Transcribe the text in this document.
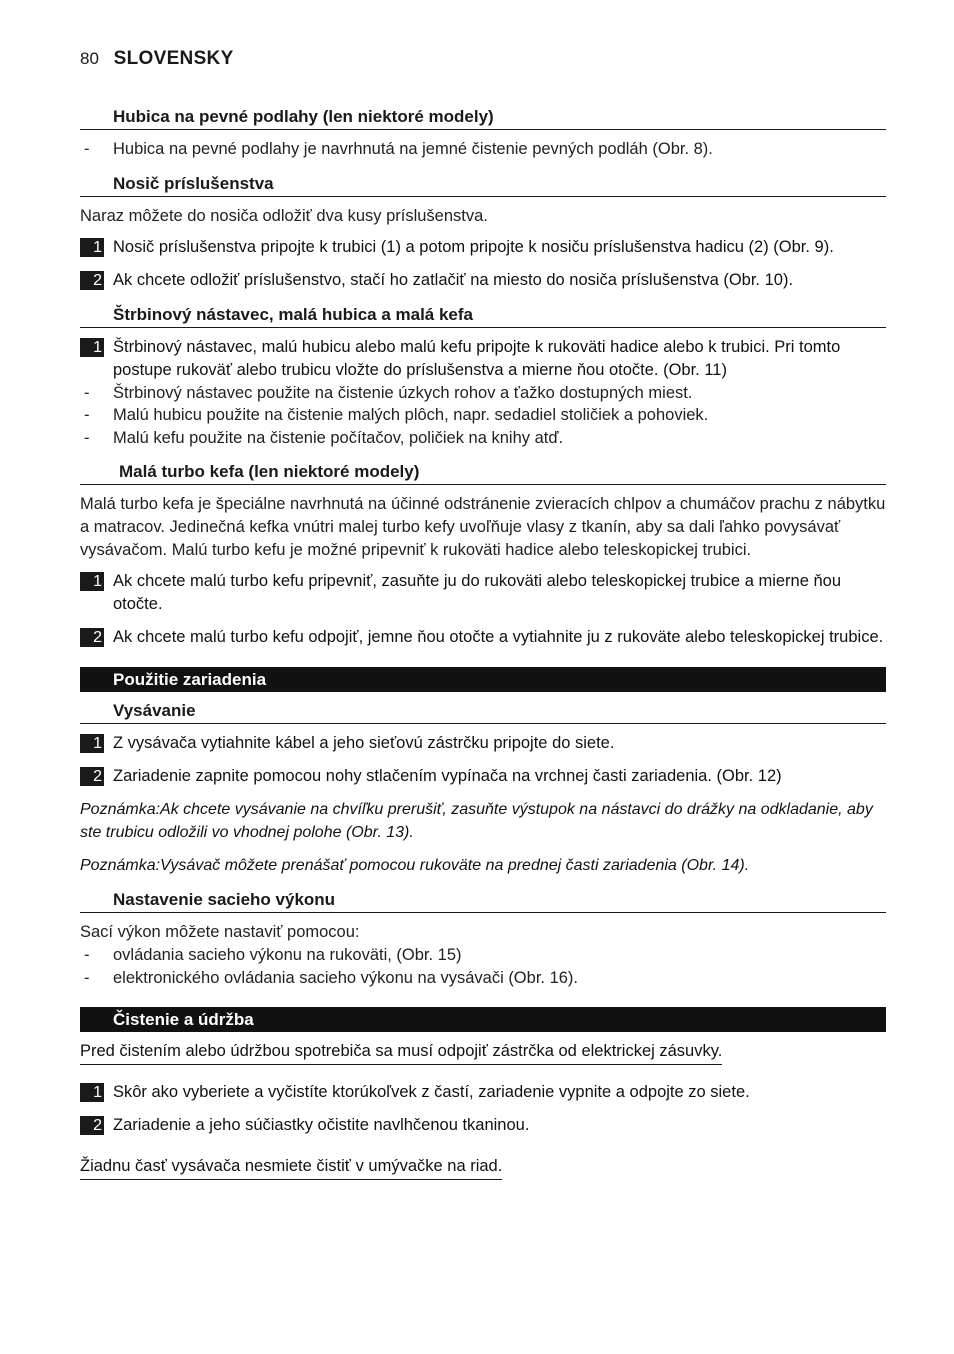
80 SLOVENSKY
Hubica na pevné podlahy (len niektoré modely)
- Hubica na pevné podlahy je navrhnutá na jemné čistenie pevných podláh (Obr. 8).
Nosič príslušenstva
Naraz môžete do nosiča odložiť dva kusy príslušenstva.
1 Nosič príslušenstva pripojte k trubici (1) a potom pripojte k nosiču príslušenstva hadicu (2) (Obr. 9).
2 Ak chcete odložiť príslušenstvo, stačí ho zatlačiť na miesto do nosiča príslušenstva (Obr. 10).
Štrbinový nástavec, malá hubica a malá kefa
1 Štrbinový nástavec, malú hubicu alebo malú kefu pripojte k rukoväti hadice alebo k trubici. Pri tomto postupe rukoväť alebo trubicu vložte do príslušenstva a mierne ňou otočte. (Obr. 11)
- Štrbinový nástavec použite na čistenie úzkych rohov a ťažko dostupných miest.
- Malú hubicu použite na čistenie malých plôch, napr. sedadiel stoličiek a pohoviek.
- Malú kefu použite na čistenie počítačov, poličiek na knihy atď.
Malá turbo kefa (len niektoré modely)
Malá turbo kefa je špeciálne navrhnutá na účinné odstránenie zvieracích chlpov a chumáčov prachu z nábytku a matracov. Jedinečná kefka vnútri malej turbo kefy uvoľňuje vlasy z tkanín, aby sa dali ľahko povysávať vysávačom. Malú turbo kefu je možné pripevniť k rukoväti hadice alebo teleskopickej trubici.
1 Ak chcete malú turbo kefu pripevniť, zasuňte ju do rukoväti alebo teleskopickej trubice a mierne ňou otočte.
2 Ak chcete malú turbo kefu odpojiť, jemne ňou otočte a vytiahnite ju z rukoväte alebo teleskopickej trubice.
Použitie zariadenia
Vysávanie
1 Z vysávača vytiahnite kábel a jeho sieťovú zástrčku pripojte do siete.
2 Zariadenie zapnite pomocou nohy stlačením vypínača na vrchnej časti zariadenia. (Obr. 12)
Poznámka:Ak chcete vysávanie na chvíľku prerušiť, zasuňte výstupok na nástavci do drážky na odkladanie, aby ste trubicu odložili vo vhodnej polohe (Obr. 13).
Poznámka:Vysávač môžete prenášať pomocou rukoväte na prednej časti zariadenia (Obr. 14).
Nastavenie sacieho výkonu
Sací výkon môžete nastaviť pomocou:
- ovládania sacieho výkonu na rukoväti, (Obr. 15)
- elektronického ovládania sacieho výkonu na vysávači (Obr. 16).
Čistenie a údržba
Pred čistením alebo údržbou spotrebiča sa musí odpojiť zástrčka od elektrickej zásuvky.
1 Skôr ako vyberiete a vyčistíte ktorúkoľvek z častí, zariadenie vypnite a odpojte zo siete.
2 Zariadenie a jeho súčiastky očistite navlhčenou tkaninou.
Žiadnu časť vysávača nesmiete čistiť v umývačke na riad.
